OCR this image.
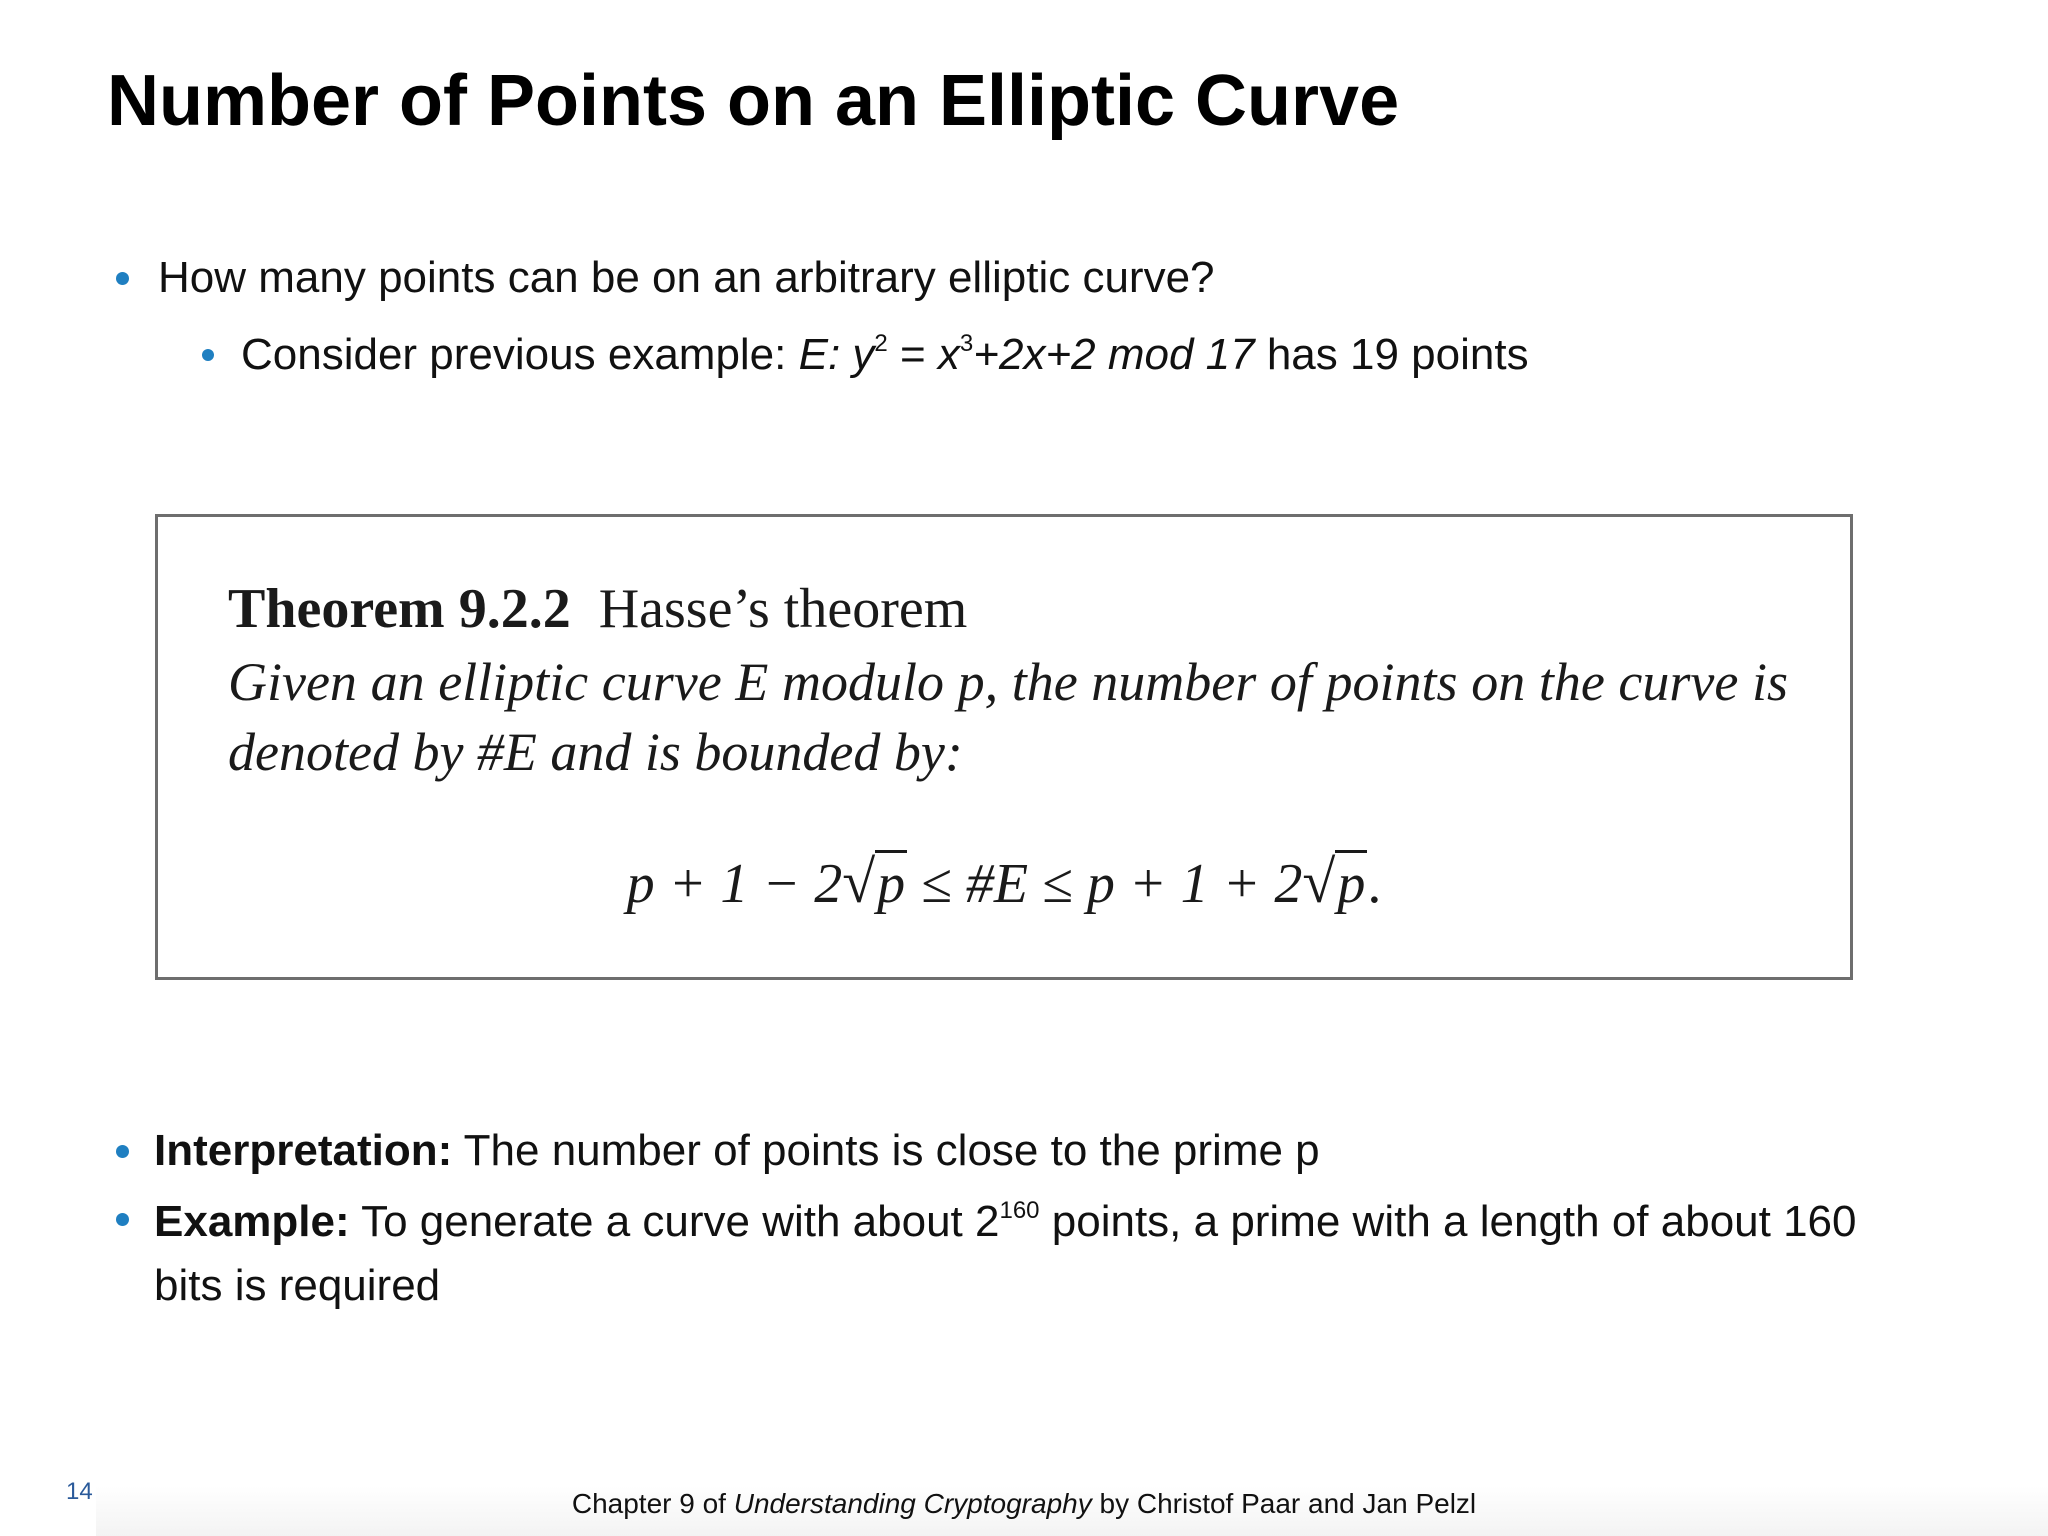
Number of Points on an Elliptic Curve
How many points can be on an arbitrary elliptic curve?
Consider previous example: E: $y^2 = x^3+2x+2$ mod 17 has 19 points
Theorem 9.2.2 Hasse’s theorem
Given an elliptic curve E modulo p, the number of points on the curve is denoted by #E and is bounded by:
p + 1 − 2√p ≤ #E ≤ p + 1 + 2√p.
Interpretation: The number of points is close to the prime p
Example: To generate a curve with about $2^{160}$ points, a prime with a length of about 160 bits is required
14	Chapter 9 of Understanding Cryptography by Christof Paar and Jan Pelzl
